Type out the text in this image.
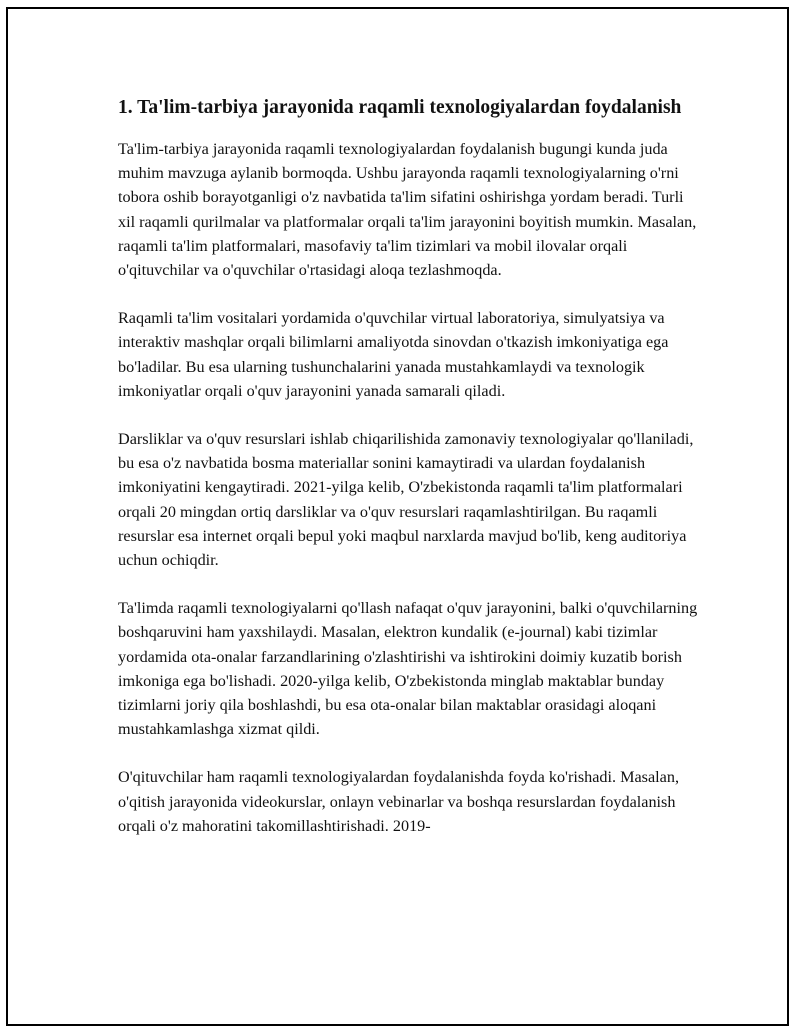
1. Ta'lim-tarbiya jarayonida raqamli texnologiyalardan foydalanish

Ta'lim-tarbiya jarayonida raqamli texnologiyalardan foydalanish bugungi kunda juda muhim mavzuga aylanib bormoqda. Ushbu jarayonda raqamli texnologiyalarning o'rni tobora oshib borayotganligi o'z navbatida ta'lim sifatini oshirishga yordam beradi. Turli xil raqamli qurilmalar va platformalar orqali ta'lim jarayonini boyitish mumkin. Masalan, raqamli ta'lim platformalari, masofaviy ta'lim tizimlari va mobil ilovalar orqali o'qituvchilar va o'quvchilar o'rtasidagi aloqa tezlashmoqda.

Raqamli ta'lim vositalari yordamida o'quvchilar virtual laboratoriya, simulyatsiya va interaktiv mashqlar orqali bilimlarni amaliyotda sinovdan o'tkazish imkoniyatiga ega bo'ladilar. Bu esa ularning tushunchalarini yanada mustahkamlaydi va texnologik imkoniyatlar orqali o'quv jarayonini yanada samarali qiladi.

Darsliklar va o'quv resurslari ishlab chiqarilishida zamonaviy texnologiyalar qo'llaniladi, bu esa o'z navbatida bosma materiallar sonini kamaytiradi va ulardan foydalanish imkoniyatini kengaytiradi. 2021-yilga kelib, O'zbekistonda raqamli ta'lim platformalari orqali 20 mingdan ortiq darsliklar va o'quv resurslari raqamlashtirilgan. Bu raqamli resurslar esa internet orqali bepul yoki maqbul narxlarda mavjud bo'lib, keng auditoriya uchun ochiqdir.

Ta'limda raqamli texnologiyalarni qo'llash nafaqat o'quv jarayonini, balki o'quvchilarning boshqaruvini ham yaxshilaydi. Masalan, elektron kundalik (e-journal) kabi tizimlar yordamida ota-onalar farzandlarining o'zlashtirishi va ishtirokini doimiy kuzatib borish imkoniga ega bo'lishadi. 2020-yilga kelib, O'zbekistonda minglab maktablar bunday tizimlarni joriy qila boshlashdi, bu esa ota-onalar bilan maktablar orasidagi aloqani mustahkamlashga xizmat qildi.

O'qituvchilar ham raqamli texnologiyalardan foydalanishda foyda ko'rishadi. Masalan, o'qitish jarayonida videokurslar, onlayn vebinarlar va boshqa resurslardan foydalanish orqali o'z mahoratini takomillashtirishadi. 2019-
